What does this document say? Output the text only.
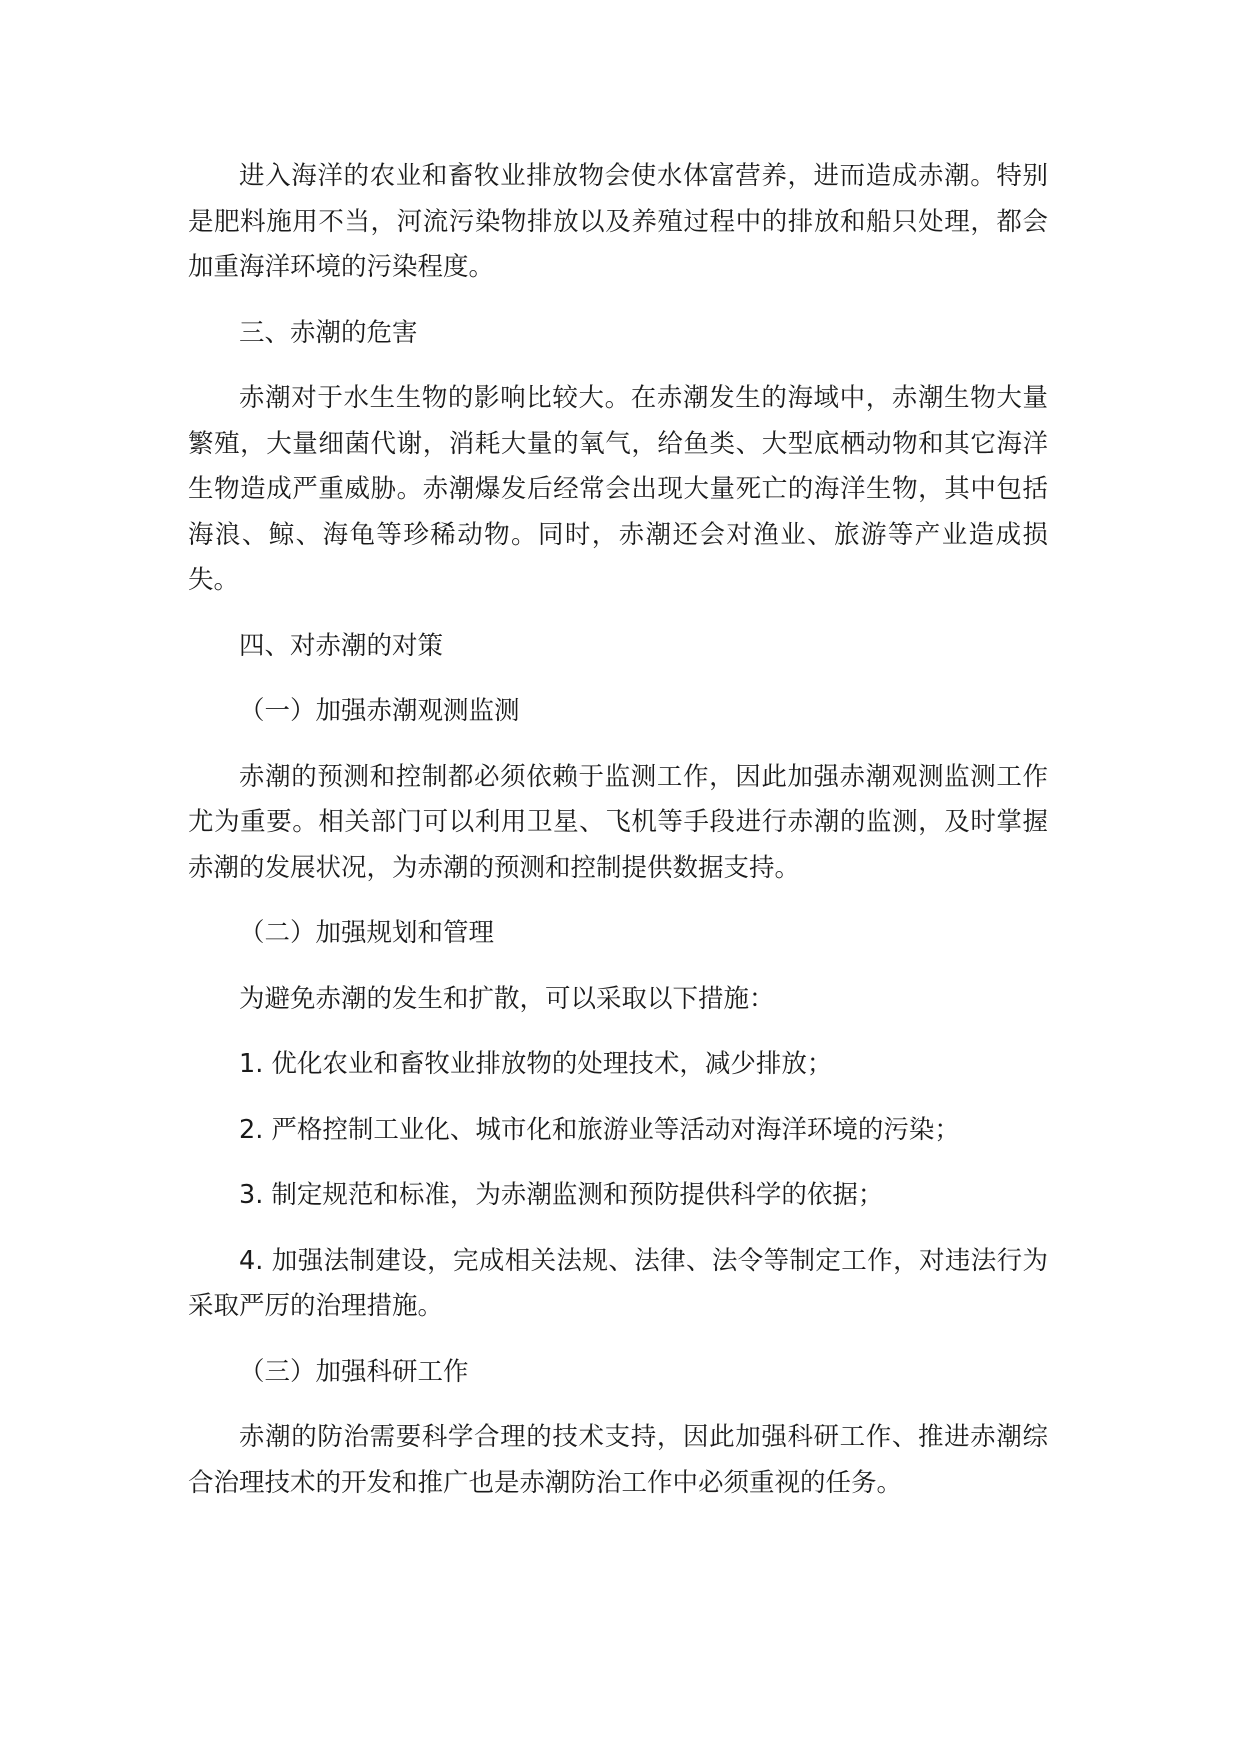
进入海洋的农业和畜牧业排放物会使水体富营养，进而造成赤潮。特别是肥料施用不当，河流污染物排放以及养殖过程中的排放和船只处理，都会加重海洋环境的污染程度。

三、赤潮的危害

赤潮对于水生生物的影响比较大。在赤潮发生的海域中，赤潮生物大量繁殖，大量细菌代谢，消耗大量的氧气，给鱼类、大型底栖动物和其它海洋生物造成严重威胁。赤潮爆发后经常会出现大量死亡的海洋生物，其中包括海浪、鲸、海龟等珍稀动物。同时，赤潮还会对渔业、旅游等产业造成损失。

四、对赤潮的对策

（一）加强赤潮观测监测

赤潮的预测和控制都必须依赖于监测工作，因此加强赤潮观测监测工作尤为重要。相关部门可以利用卫星、飞机等手段进行赤潮的监测，及时掌握赤潮的发展状况，为赤潮的预测和控制提供数据支持。

（二）加强规划和管理

为避免赤潮的发生和扩散，可以采取以下措施：

1. 优化农业和畜牧业排放物的处理技术，减少排放；

2. 严格控制工业化、城市化和旅游业等活动对海洋环境的污染；

3. 制定规范和标准，为赤潮监测和预防提供科学的依据；

4. 加强法制建设，完成相关法规、法律、法令等制定工作，对违法行为采取严厉的治理措施。

（三）加强科研工作

赤潮的防治需要科学合理的技术支持，因此加强科研工作、推进赤潮综合治理技术的开发和推广也是赤潮防治工作中必须重视的任务。
